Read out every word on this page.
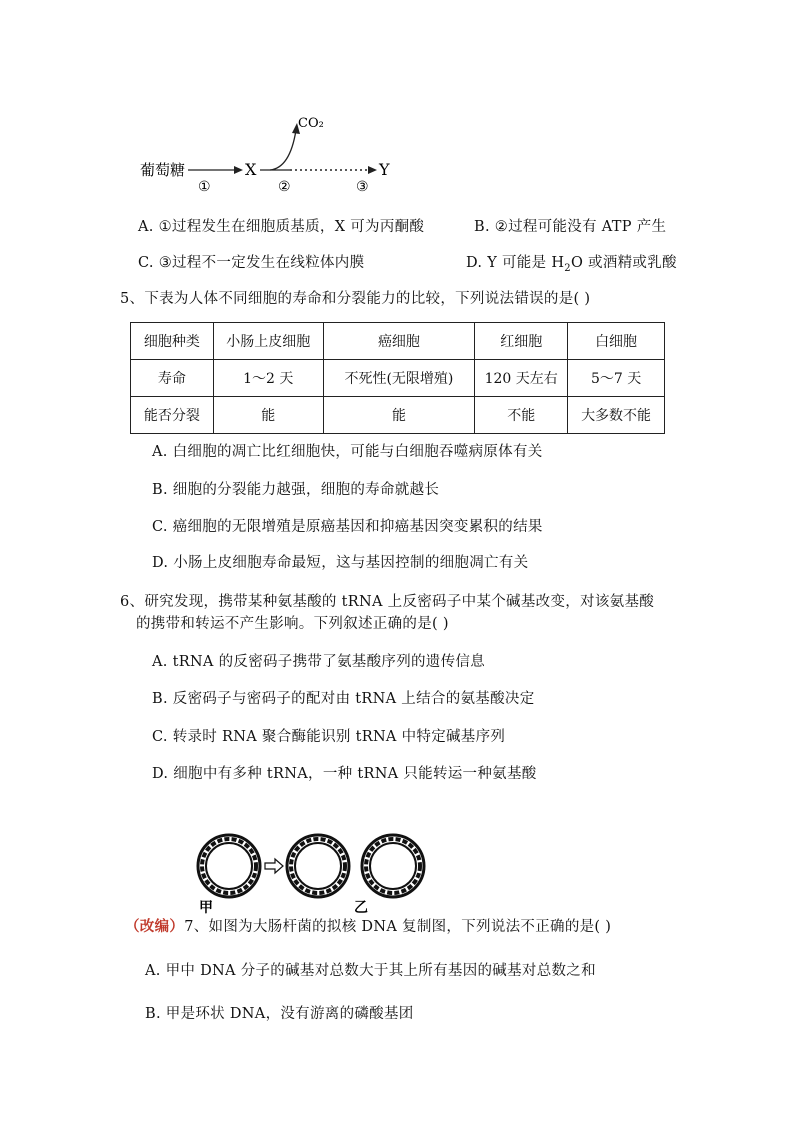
葡萄糖
①
X
CO₂
②	③
Y
A. ①过程发生在细胞质基质，X 可为丙酮酸	B. ②过程可能没有 ATP 产生
C. ③过程不一定发生在线粒体内膜	D. Y 可能是 $H_2O$ 或酒精或乳酸
5、下表为人体不同细胞的寿命和分裂能力的比较，下列说法错误的是( )
细胞种类	小肠上皮细胞	癌细胞	红细胞	白细胞
寿命	1～2 天	不死性(无限增殖)	120 天左右	5～7 天
能否分裂	能	能	不能	大多数不能
A. 白细胞的凋亡比红细胞快，可能与白细胞吞噬病原体有关
B. 细胞的分裂能力越强，细胞的寿命就越长
C. 癌细胞的无限增殖是原癌基因和抑癌基因突变累积的结果
D. 小肠上皮细胞寿命最短，这与基因控制的细胞凋亡有关
6、研究发现，携带某种氨基酸的 tRNA 上反密码子中某个碱基改变，对该氨基酸
的携带和转运不产生影响。下列叙述正确的是( )
A. tRNA 的反密码子携带了氨基酸序列的遗传信息
B. 反密码子与密码子的配对由 tRNA 上结合的氨基酸决定
C. 转录时 RNA 聚合酶能识别 tRNA 中特定碱基序列
D. 细胞中有多种 tRNA，一种 tRNA 只能转运一种氨基酸
甲	乙
（改编）7、如图为大肠杆菌的拟核 DNA 复制图，下列说法不正确的是( )
A. 甲中 DNA 分子的碱基对总数大于其上所有基因的碱基对总数之和
B. 甲是环状 DNA，没有游离的磷酸基团
